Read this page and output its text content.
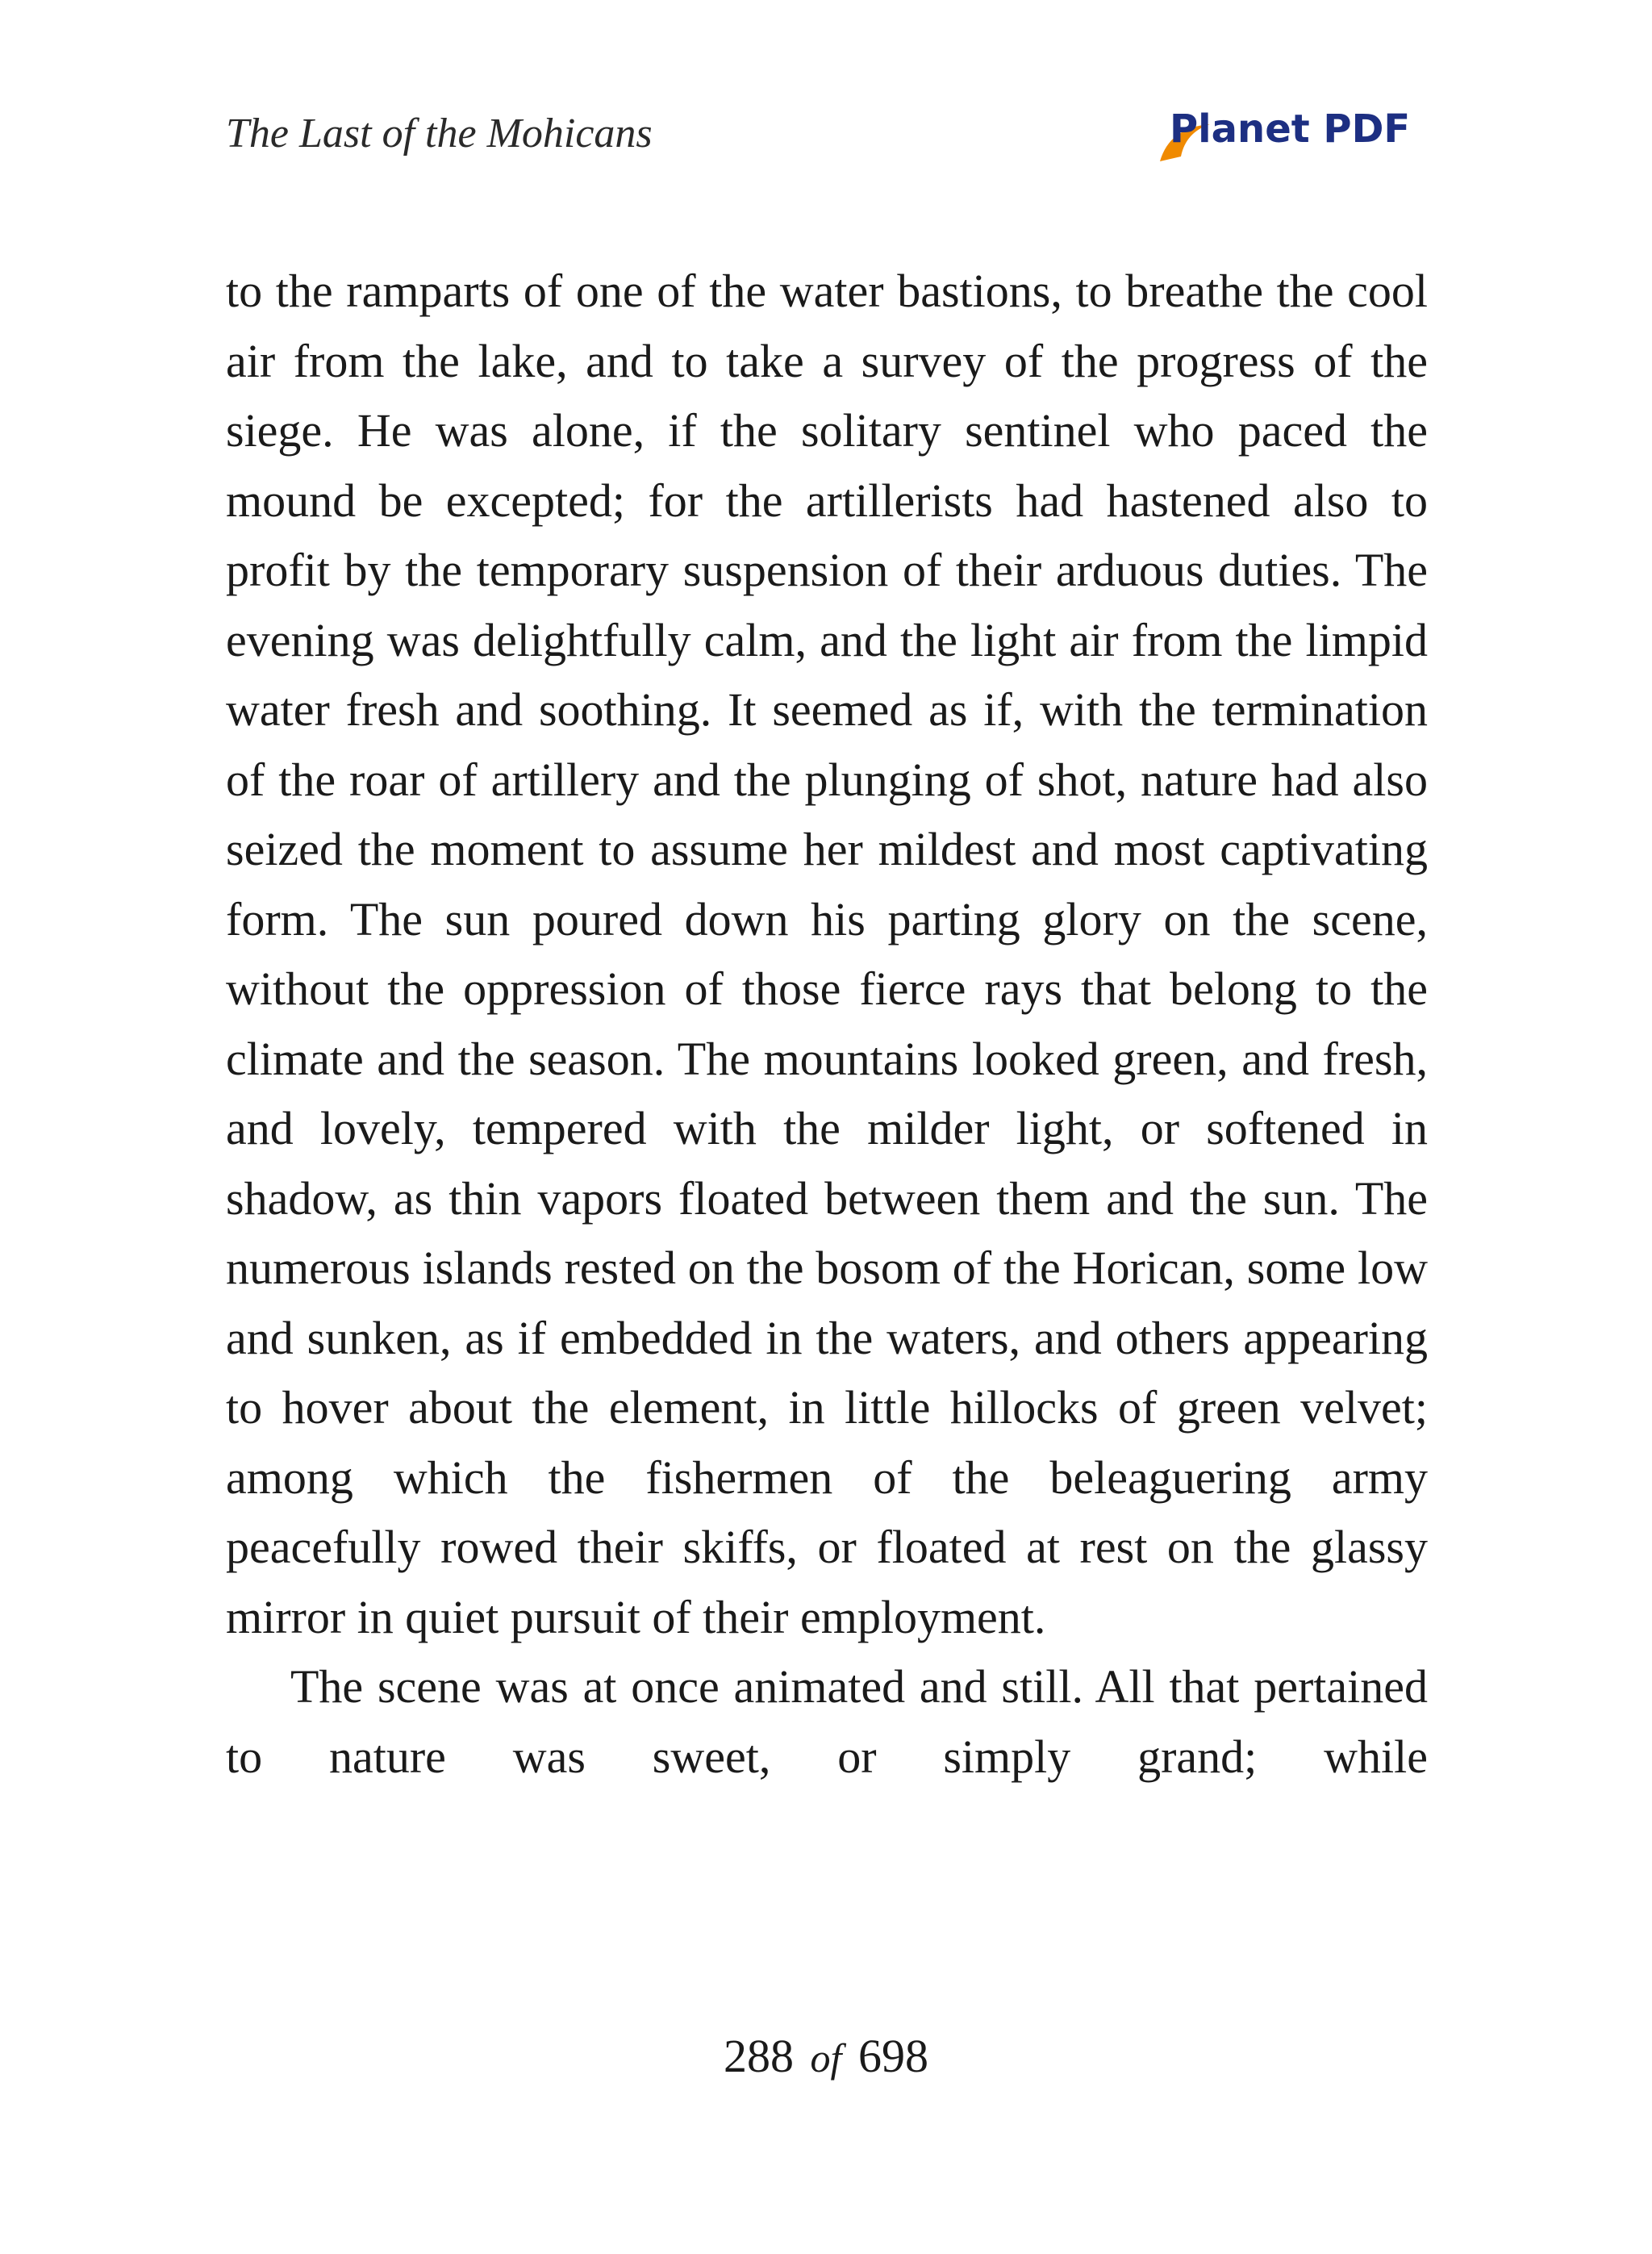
The Last of the Mohicans	Planet PDF

to the ramparts of one of the water bastions, to breathe the cool air from the lake, and to take a survey of the progress of the siege. He was alone, if the solitary sentinel who paced the mound be excepted; for the artillerists had hastened also to profit by the temporary suspension of their arduous duties. The evening was delightfully calm, and the light air from the limpid water fresh and soothing. It seemed as if, with the termination of the roar of artillery and the plunging of shot, nature had also seized the moment to assume her mildest and most captivating form. The sun poured down his parting glory on the scene, without the oppression of those fierce rays that belong to the climate and the season. The mountains looked green, and fresh, and lovely, tempered with the milder light, or softened in shadow, as thin vapors floated between them and the sun. The numerous islands rested on the bosom of the Horican, some low and sunken, as if embedded in the waters, and others appearing to hover about the element, in little hillocks of green velvet; among which the fishermen of the beleaguering army peacefully rowed their skiffs, or floated at rest on the glassy mirror in quiet pursuit of their employment.

The scene was at once animated and still. All that pertained to nature was sweet, or simply grand; while

288 of 698
